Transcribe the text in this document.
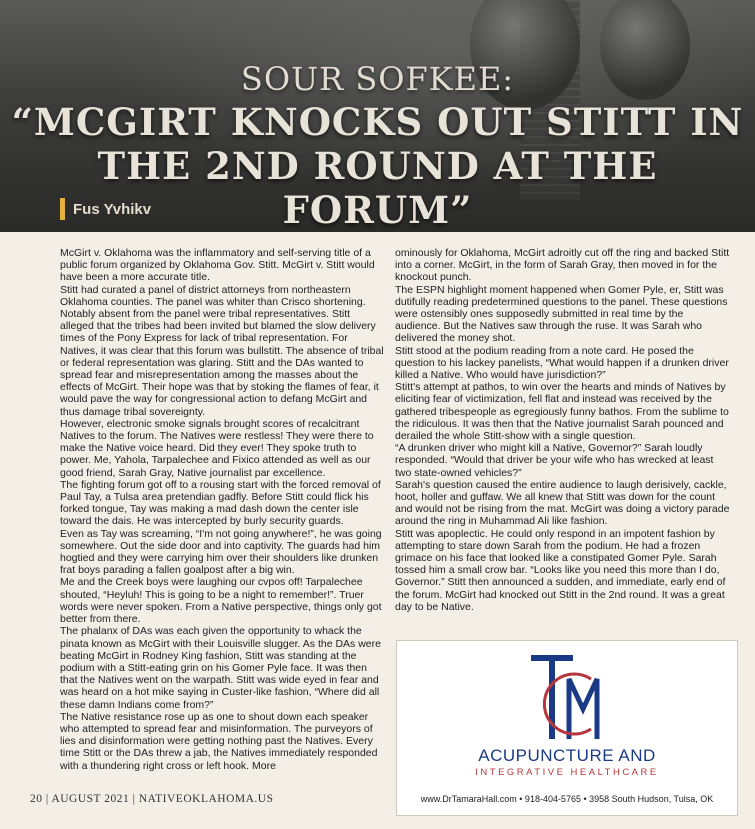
SOUR SOFKEE:
“MCGIRT KNOCKS OUT STITT IN
THE 2ND ROUND AT THE FORUM”
Fus Yvhikv

McGirt v. Oklahoma was the inflammatory and self-serving title of a public forum organized by Oklahoma Gov. Stitt. McGirt v. Stitt would have been a more accurate title.

Stitt had curated a panel of district attorneys from northeastern Oklahoma counties. The panel was whiter than Crisco shortening. Notably absent from the panel were tribal representatives. Stitt alleged that the tribes had been invited but blamed the slow delivery times of the Pony Express for lack of tribal representation. For Natives, it was clear that this forum was bullstitt. The absence of tribal or federal representation was glaring. Stitt and the DAs wanted to spread fear and misrepresentation among the masses about the effects of McGirt. Their hope was that by stoking the flames of fear, it would pave the way for congressional action to defang McGirt and thus damage tribal sovereignty.

However, electronic smoke signals brought scores of recalcitrant Natives to the forum. The Natives were restless! They were there to make the Native voice heard. Did they ever! They spoke truth to power. Me, Yahola, Tarpalechee and Fixico attended as well as our good friend, Sarah Gray, Native journalist par excellence.

The fighting forum got off to a rousing start with the forced removal of Paul Tay, a Tulsa area pretendian gadfly. Before Stitt could flick his forked tongue, Tay was making a mad dash down the center isle toward the dais. He was intercepted by burly security guards.

Even as Tay was screaming, “I'm not going anywhere!”, he was going somewhere. Out the side door and into captivity. The guards had him hogtied and they were carrying him over their shoulders like drunken frat boys parading a fallen goalpost after a big win.

Me and the Creek boys were laughing our cvpos off! Tarpalechee shouted, “Heyluh! This is going to be a night to remember!”. Truer words were never spoken. From a Native perspective, things only got better from there.

The phalanx of DAs was each given the opportunity to whack the pinata known as McGirt with their Louisville slugger. As the DAs were beating McGirt in Rodney King fashion, Stitt was standing at the podium with a Stitt-eating grin on his Gomer Pyle face. It was then that the Natives went on the warpath. Stitt was wide eyed in fear and was heard on a hot mike saying in Custer-like fashion, “Where did all these damn Indians come from?”

The Native resistance rose up as one to shout down each speaker who attempted to spread fear and misinformation. The purveyors of lies and disinformation were getting nothing past the Natives. Every time Stitt or the DAs threw a jab, the Natives immediately responded with a thundering right cross or left hook. More

ominously for Oklahoma, McGirt adroitly cut off the ring and backed Stitt into a corner. McGirt, in the form of Sarah Gray, then moved in for the knockout punch.

The ESPN highlight moment happened when Gomer Pyle, er, Stitt was dutifully reading predetermined questions to the panel. These questions were ostensibly ones supposedly submitted in real time by the audience. But the Natives saw through the ruse. It was Sarah who delivered the money shot.

Stitt stood at the podium reading from a note card. He posed the question to his lackey panelists, “What would happen if a drunken driver killed a Native. Who would have jurisdiction?”

Stitt's attempt at pathos, to win over the hearts and minds of Natives by eliciting fear of victimization, fell flat and instead was received by the gathered tribespeople as egregiously funny bathos. From the sublime to the ridiculous. It was then that the Native journalist Sarah pounced and derailed the whole Stitt-show with a single question.

“A drunken driver who might kill a Native, Governor?” Sarah loudly responded. “Would that driver be your wife who has wrecked at least two state-owned vehicles?”

Sarah's question caused the entire audience to laugh derisively, cackle, hoot, holler and guffaw. We all knew that Stitt was down for the count and would not be rising from the mat. McGirt was doing a victory parade around the ring in Muhammad Ali like fashion.

Stitt was apoplectic. He could only respond in an impotent fashion by attempting to stare down Sarah from the podium. He had a frozen grimace on his face that looked like a constipated Gomer Pyle. Sarah tossed him a small crow bar. “Looks like you need this more than I do, Governor.” Stitt then announced a sudden, and immediate, early end of the forum. McGirt had knocked out Stitt in the 2nd round. It was a great day to be Native.

ACUPUNCTURE AND
INTEGRATIVE HEALTHCARE
www.DrTamaraHall.com • 918-404-5765 • 3958 South Hudson, Tulsa, OK
20 | AUGUST 2021 | NATIVEOKLAHOMA.US
